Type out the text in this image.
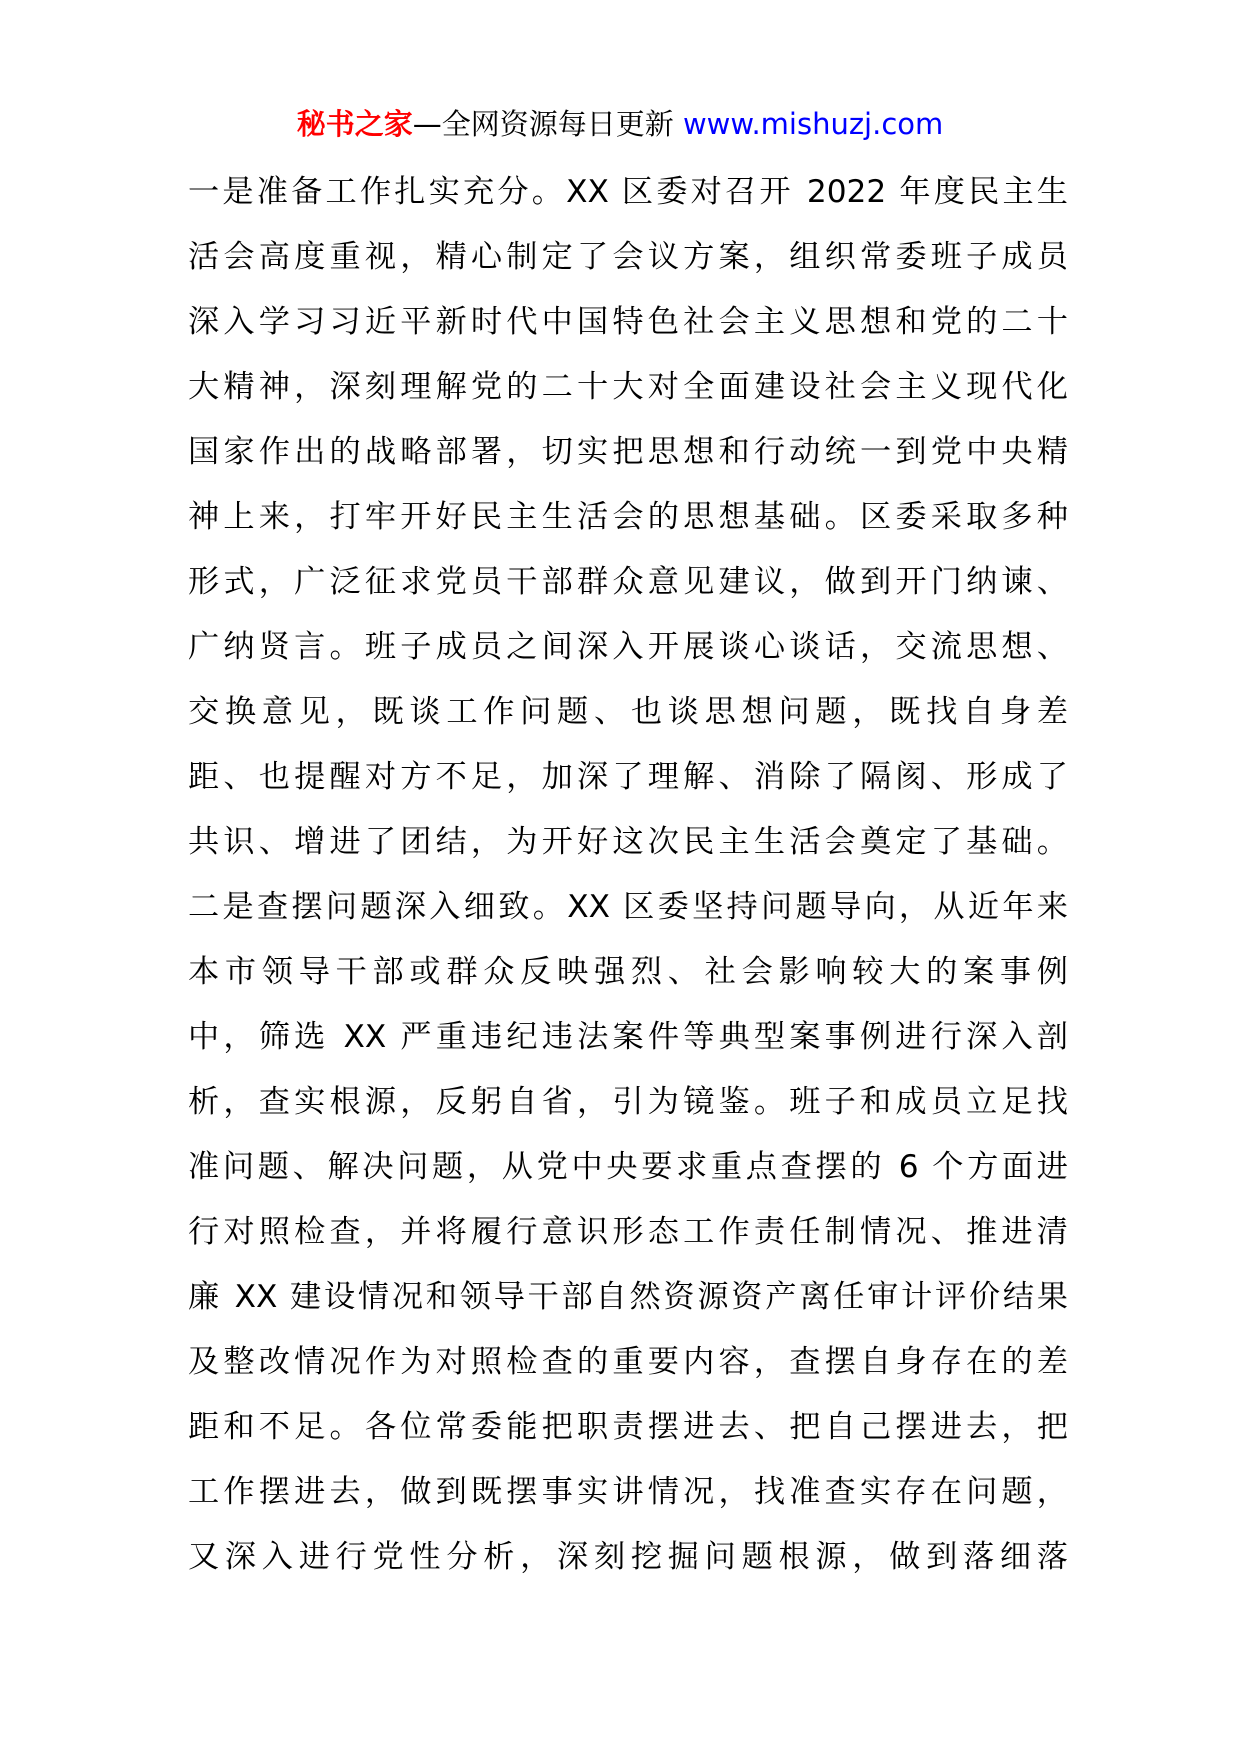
秘书之家—全网资源每日更新 www.mishuzj.com
一是准备工作扎实充分。XX 区委对召开 2022 年度民主生
活会高度重视，精心制定了会议方案，组织常委班子成员
深入学习习近平新时代中国特色社会主义思想和党的二十
大精神，深刻理解党的二十大对全面建设社会主义现代化
国家作出的战略部署，切实把思想和行动统一到党中央精
神上来，打牢开好民主生活会的思想基础。区委采取多种
形式，广泛征求党员干部群众意见建议，做到开门纳谏、
广纳贤言。班子成员之间深入开展谈心谈话，交流思想、
交换意见，既谈工作问题、也谈思想问题，既找自身差
距、也提醒对方不足，加深了理解、消除了隔阂、形成了
共识、增进了团结，为开好这次民主生活会奠定了基础。
二是查摆问题深入细致。XX 区委坚持问题导向，从近年来
本市领导干部或群众反映强烈、社会影响较大的案事例
中，筛选 XX 严重违纪违法案件等典型案事例进行深入剖
析，查实根源，反躬自省，引为镜鉴。班子和成员立足找
准问题、解决问题，从党中央要求重点查摆的 6 个方面进
行对照检查，并将履行意识形态工作责任制情况、推进清
廉 XX 建设情况和领导干部自然资源资产离任审计评价结果
及整改情况作为对照检查的重要内容，查摆自身存在的差
距和不足。各位常委能把职责摆进去、把自己摆进去，把
工作摆进去，做到既摆事实讲情况，找准查实存在问题，
又深入进行党性分析，深刻挖掘问题根源，做到落细落
